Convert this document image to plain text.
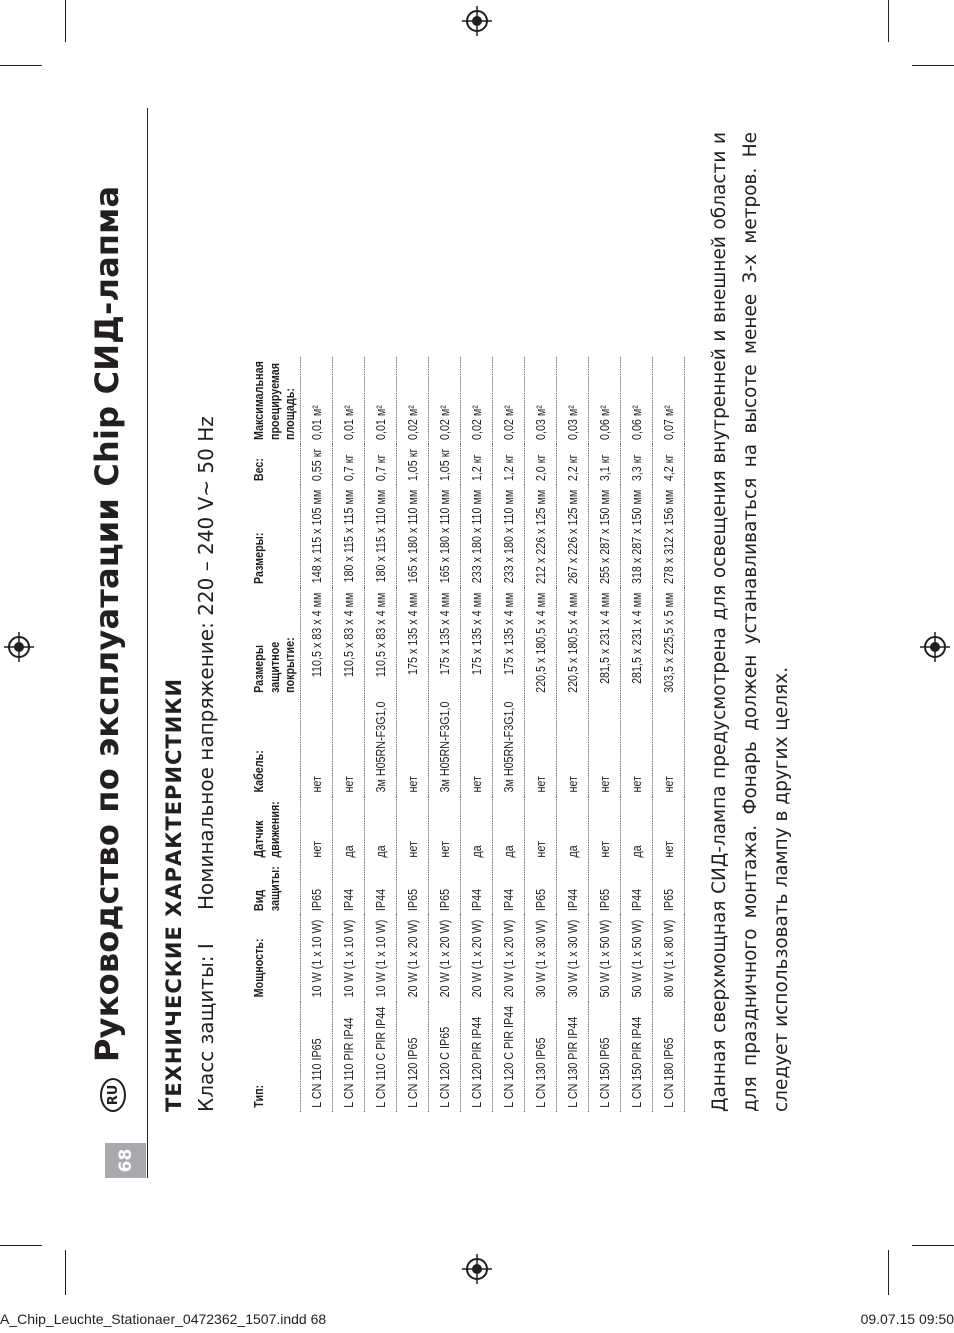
68
RU
Руководство по эксплуатации Chip СИД-лапма ТЕХНИЧЕСКИЕ ХАРАКТЕРИСТИКИ Класс защиты: I
Номинальное напряжение: 220 – 240 V~ 50 Hz
Тип:	Мощность:	Вид защиты:	Датчик движения:	Кабель:	Размеры защитное покрытие:	Размеры:	Вес:	Максимальная проецируемая площадь:
L CN 110 IP65	10 W (1 x 10 W)	IP65	нет	нет	110,5 x 83 x 4 мм	148 x 115 x 105 мм	0,55 кг	0,01 м²
L CN 110 PIR IP44	10 W (1 x 10 W)	IP44	да	нет	110,5 x 83 x 4 мм	180 x 115 x 115 мм	0,7 кг	0,01 м²
L CN 110 C PIR IP44	10 W (1 x 10 W)	IP44	да	3м H05RN-F3G1,0	110,5 x 83 x 4 мм	180 x 115 x 110 мм	0,7 кг	0,01 м²
L CN 120 IP65	20 W (1 x 20 W)	IP65	нет	нет	175 x 135 x 4 мм	165 x 180 x 110 мм	1,05 кг	0,02 м²
L CN 120 C IP65	20 W (1 x 20 W)	IP65	нет	3м H05RN-F3G1,0	175 x 135 x 4 мм	165 x 180 x 110 мм	1,05 кг	0,02 м²
L CN 120 PIR IP44	20 W (1 x 20 W)	IP44	да	нет	175 x 135 x 4 мм	233 x 180 x 110 мм	1,2 кг	0,02 м²
L CN 120 C PIR IP44	20 W (1 x 20 W)	IP44	да	3м H05RN-F3G1,0	175 x 135 x 4 мм	233 x 180 x 110 мм	1,2 кг	0,02 м²
L CN 130 IP65	30 W (1 x 30 W)	IP65	нет	нет	220,5 x 180,5 x 4 мм	212 x 226 x 125 мм	2,0 кг	0,03 м²
L CN 130 PIR IP44	30 W (1 x 30 W)	IP44	да	нет	220,5 x 180,5 x 4 мм	267 x 226 x 125 мм	2,2 кг	0,03 м²
L CN 150 IP65	50 W (1 x 50 W)	IP65	нет	нет	281,5 x 231 x 4 мм	255 x 287 x 150 мм	3,1 кг	0,06 м²
L CN 150 PIR IP44	50 W (1 x 50 W)	IP44	да	нет	281,5 x 231 x 4 мм	318 x 287 x 150 мм	3,3 кг	0,06 м²
L CN 180 IP65	80 W (1 x 80 W)	IP65	нет	нет	303,5 x 225,5 x 5 мм	278 x 312 x 156 мм	4,2 кг	0,07 м² Данная сверхмощная СИД-лампа предусмотрена для освещения внутренней и внешней области и для праздничного монтажа. Фонарь должен устанавливаться на высоте менее 3-х метров. Не следует использовать лампу в других целях.
A_Chip_Leuchte_Stationaer_0472362_1507.indd 68	09.07.15 09:50
